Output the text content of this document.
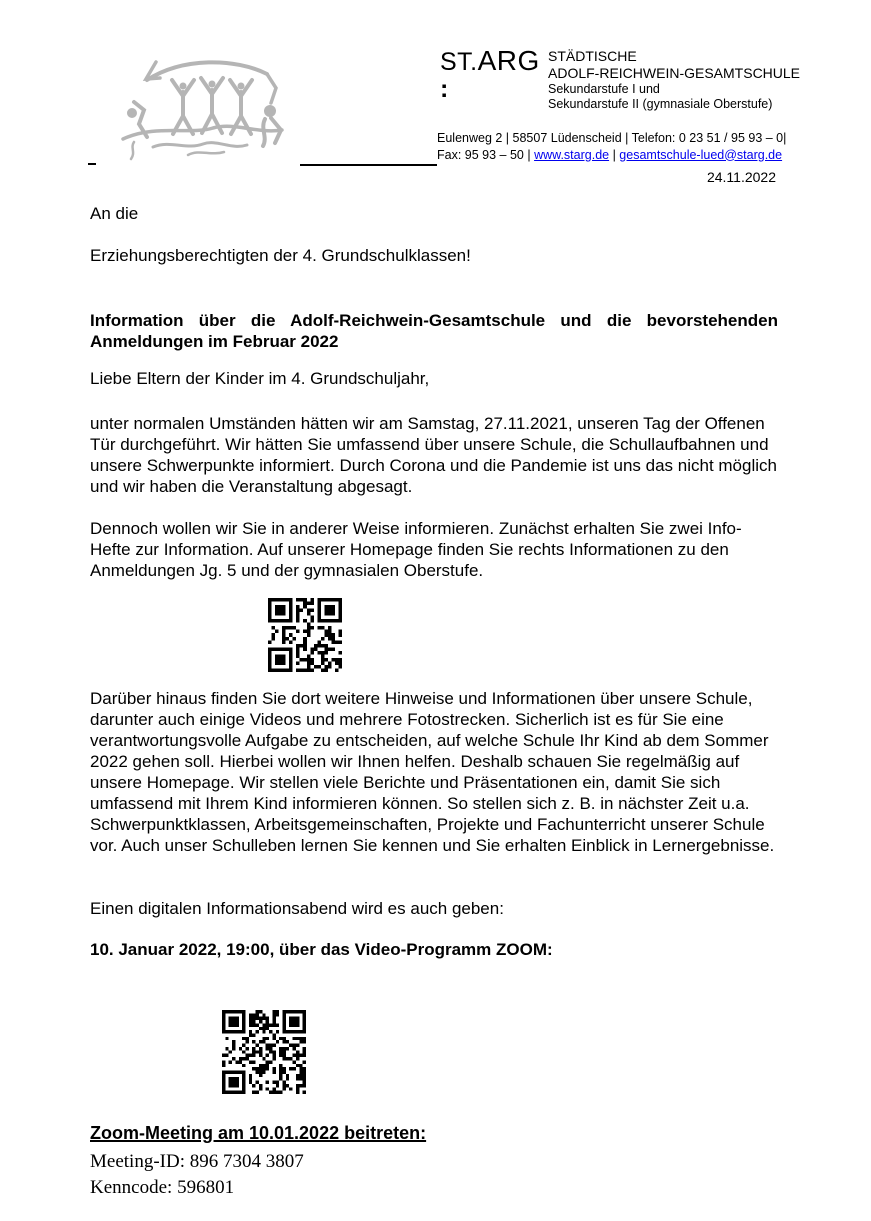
ST.ARG
:
STÄDTISCHE
ADOLF-REICHWEIN-GESAMTSCHULE
Sekundarstufe I und
Sekundarstufe II (gymnasiale Oberstufe)
Eulenweg 2 | 58507 Lüdenscheid | Telefon: 0 23 51 / 95 93 – 0|
Fax: 95 93 – 50 | www.starg.de | gesamtschule-lued@starg.de
24.11.2022
An die
Erziehungsberechtigten der 4. Grundschulklassen!
Information über die Adolf-Reichwein-Gesamtschule und die bevorstehenden
Anmeldungen im Februar 2022
Liebe Eltern der Kinder im 4. Grundschuljahr,
unter normalen Umständen hätten wir am Samstag, 27.11.2021, unseren Tag der Offenen Tür durchgeführt. Wir hätten Sie umfassend über unsere Schule, die Schullaufbahnen und unsere Schwerpunkte informiert. Durch Corona und die Pandemie ist uns das nicht möglich und wir haben die Veranstaltung abgesagt.
Dennoch wollen wir Sie in anderer Weise informieren. Zunächst erhalten Sie zwei Info-Hefte zur Information. Auf unserer Homepage finden Sie rechts Informationen zu den Anmeldungen Jg. 5 und der gymnasialen Oberstufe.
Darüber hinaus finden Sie dort weitere Hinweise und Informationen über unsere Schule, darunter auch einige Videos und mehrere Fotostrecken. Sicherlich ist es für Sie eine verantwortungsvolle Aufgabe zu entscheiden, auf welche Schule Ihr Kind ab dem Sommer 2022 gehen soll. Hierbei wollen wir Ihnen helfen. Deshalb schauen Sie regelmäßig auf unsere Homepage. Wir stellen viele Berichte und Präsentationen ein, damit Sie sich umfassend mit Ihrem Kind informieren können. So stellen sich z. B. in nächster Zeit u.a. Schwerpunktklassen, Arbeitsgemeinschaften, Projekte und Fachunterricht unserer Schule vor. Auch unser Schulleben lernen Sie kennen und Sie erhalten Einblick in Lernergebnisse.
Einen digitalen Informationsabend wird es auch geben:
10. Januar 2022, 19:00, über das Video-Programm ZOOM:
Zoom-Meeting am 10.01.2022 beitreten:
Meeting-ID: 896 7304 3807
Kenncode: 596801
